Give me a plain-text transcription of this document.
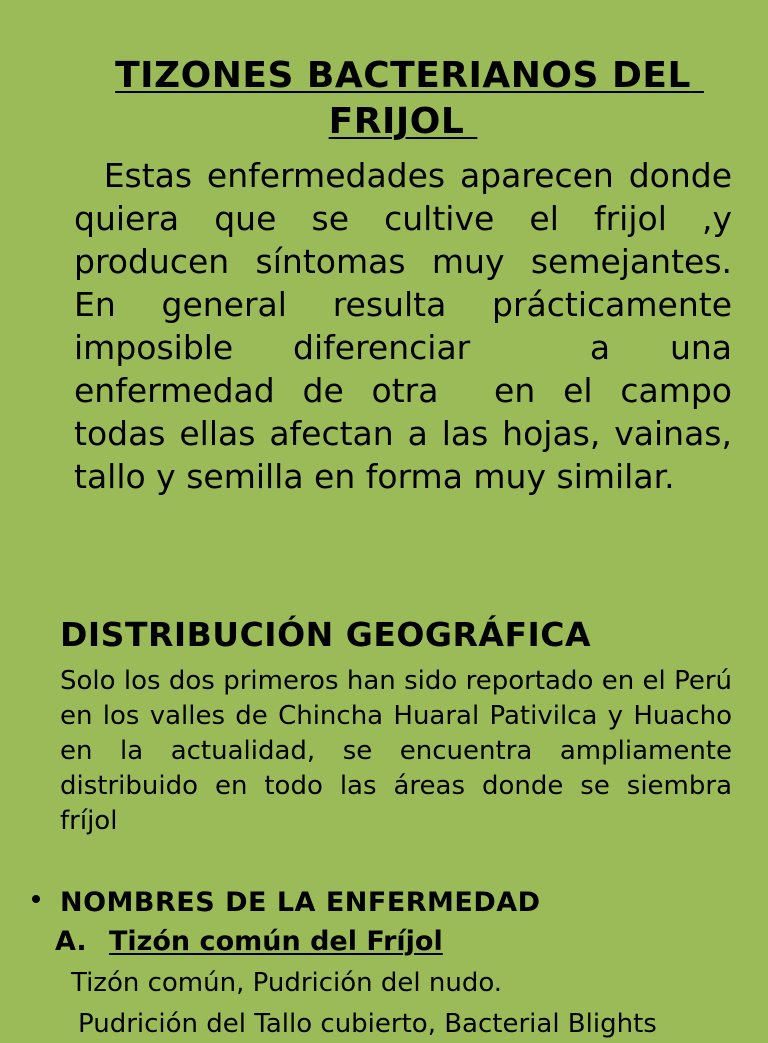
TIZONES BACTERIANOS DEL FRIJOL

Estas enfermedades aparecen donde quiera que se cultive el frijol ,y producen síntomas muy semejantes. En general resulta prácticamente imposible diferenciar  a una enfermedad de otra  en el campo  todas ellas afectan a las hojas, vainas, tallo y semilla en forma muy similar.

DISTRIBUCIÓN GEOGRÁFICA

Solo los dos primeros han sido reportado en el Perú en los valles de Chincha Huaral Pativilca y Huacho en la actualidad, se encuentra ampliamente distribuido en todo las áreas donde se siembra fríjol

NOMBRES DE LA ENFERMEDAD
A. Tizón común del Fríjol
Tizón común, Pudrición del nudo.
Pudrición del Tallo cubierto, Bacterial Blights
